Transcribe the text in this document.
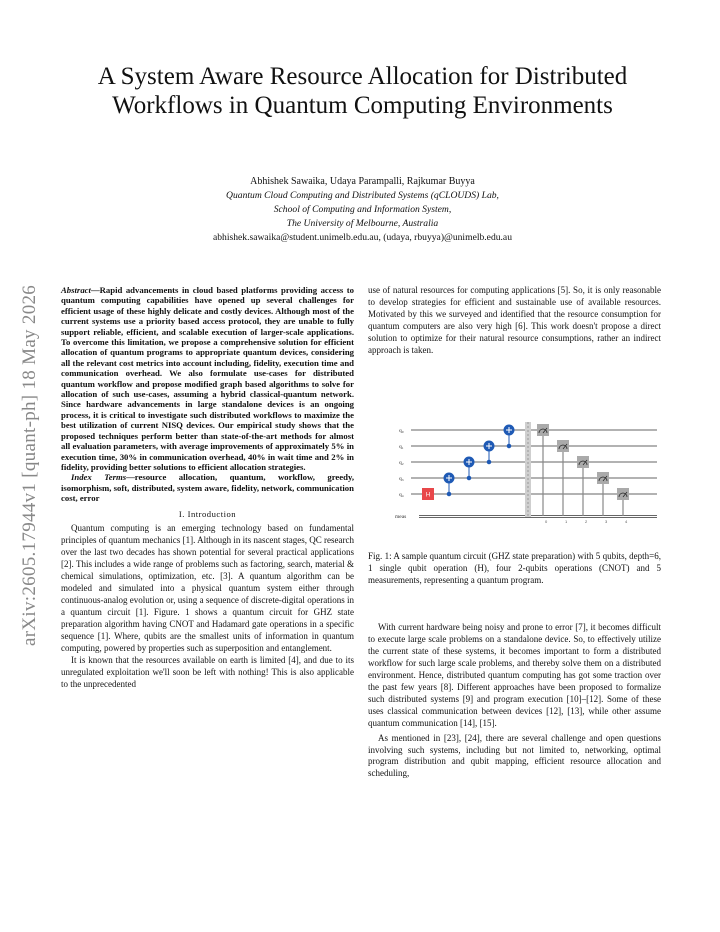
arXiv:2605.17944v1 [quant-ph] 18 May 2026
A System Aware Resource Allocation for Distributed Workflows in Quantum Computing Environments
Abhishek Sawaika, Udaya Parampalli, Rajkumar Buyya
Quantum Cloud Computing and Distributed Systems (qCLOUDS) Lab,
School of Computing and Information System,
The University of Melbourne, Australia
abhishek.sawaika@student.unimelb.edu.au, (udaya, rbuyya)@unimelb.edu.au

Abstract—Rapid advancements in cloud based platforms providing access to quantum computing capabilities have opened up several challenges for efficient usage of these highly delicate and costly devices. Although most of the current systems use a priority based access protocol, they are unable to fully support reliable, efficient, and scalable execution of larger-scale applications. To overcome this limitation, we propose a comprehensive solution for efficient allocation of quantum programs to appropriate quantum devices, considering all the relevant cost metrics into account including, fidelity, execution time and communication overhead. We also formulate use-cases for distributed quantum workflow and propose modified graph based algorithms to solve for allocation of such use-cases, assuming a hybrid classical-quantum network. Since hardware advancements in large standalone devices is an ongoing process, it is critical to investigate such distributed workflows to maximize the best utilization of current NISQ devices. Our empirical study shows that the proposed techniques perform better than state-of-the-art methods for almost all evaluation parameters, with average improvements of approximately 5% in execution time, 30% in communication overhead, 40% in wait time and 2% in fidelity, providing better solutions to efficient allocation strategies.

Index Terms—resource allocation, quantum, workflow, greedy, isomorphism, soft, distributed, system aware, fidelity, network, communication cost, error

I. Introduction

Quantum computing is an emerging technology based on fundamental principles of quantum mechanics [1]. Although in its nascent stages, QC research over the last two decades has shown potential for several practical applications [2]. This includes a wide range of problems such as factoring, search, material & chemical simulations, optimization, etc. [3]. A quantum algorithm can be modeled and simulated into a physical quantum system either through continuous-analog evolution or, using a sequence of discrete-digital operations in a quantum circuit [1]. Figure. 1 shows a quantum circuit for GHZ state preparation algorithm having CNOT and Hadamard gate operations in a specific sequence [1]. Where, qubits are the smallest units of information in quantum computing, powered by properties such as superposition and entanglement.

It is known that the resources available on earth is limited [4], and due to its unregulated exploitation we'll soon be left with nothing! This is also applicable to the unprecedented

use of natural resources for computing applications [5]. So, it is only reasonable to develop strategies for efficient and sustainable use of available resources. Motivated by this we surveyed and identified that the resource consumption for quantum computers are also very high [6]. This work doesn't propose a direct solution to optimize for their natural resource consumptions, rather an indirect approach is taken.

q₀
q₁
q₂
q₃
q₄
meas
H
0	1	2	3	4
Fig. 1: A sample quantum circuit (GHZ state preparation) with 5 qubits, depth=6, 1 single qubit operation (H), four 2-qubits operations (CNOT) and 5 measurements, representing a quantum program.

With current hardware being noisy and prone to error [7], it becomes difficult to execute large scale problems on a standalone device. So, to effectively utilize the current state of these systems, it becomes important to form a distributed workflow for such large scale problems, and thereby solve them on a distributed environment. Hence, distributed quantum computing has got some traction over the past few years [8]. Different approaches have been proposed to formalize such distributed systems [9] and program execution [10]–[12]. Some of these uses classical communication between devices [12], [13], while other assume quantum communication [14], [15].

As mentioned in [23], [24], there are several challenge and open questions involving such systems, including but not limited to, networking, optimal program distribution and qubit mapping, efficient resource allocation and scheduling,
